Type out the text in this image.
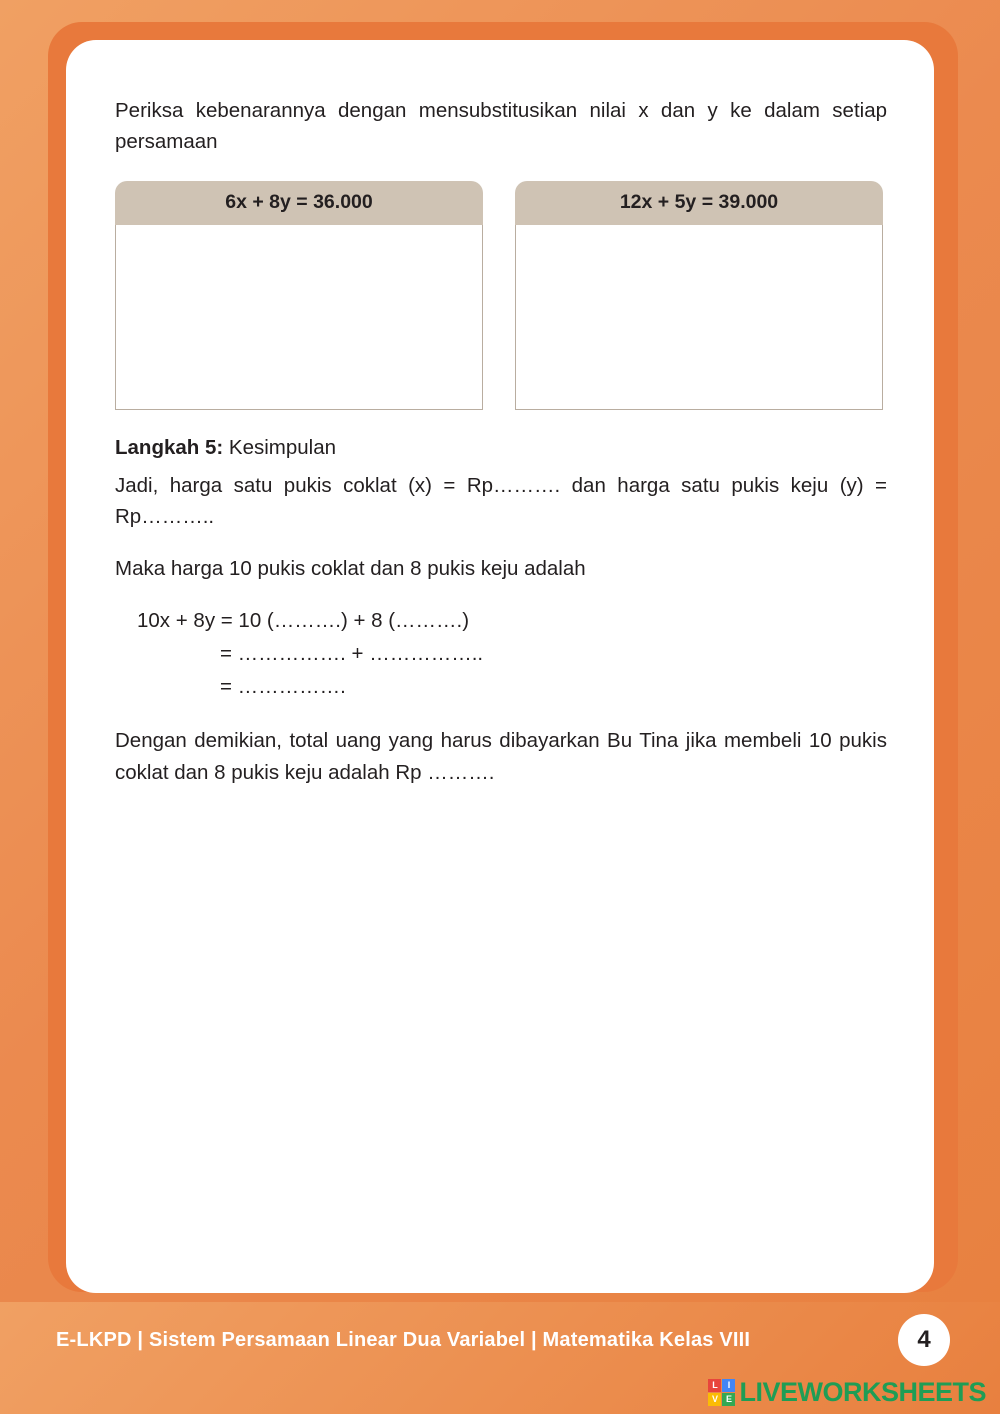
Periksa kebenarannya dengan mensubstitusikan nilai x dan y ke dalam setiap persamaan

6x + 8y = 36.000	12x + 5y = 39.000
Langkah 5: Kesimpulan

Jadi, harga satu pukis coklat (x) = Rp………. dan harga satu pukis keju (y) = Rp………..

Maka harga 10 pukis coklat dan 8 pukis keju adalah

10x + 8y = 10 (……….) + 8 (……….)
= ……………. + ……………..
= …………….

Dengan demikian, total uang yang harus dibayarkan Bu Tina jika membeli 10 pukis coklat dan 8 pukis keju adalah Rp ……….

E-LKPD | Sistem Persamaan Linear Dua Variabel | Matematika Kelas VIII	4
L	I
V E LIVEWORKSHEETS
